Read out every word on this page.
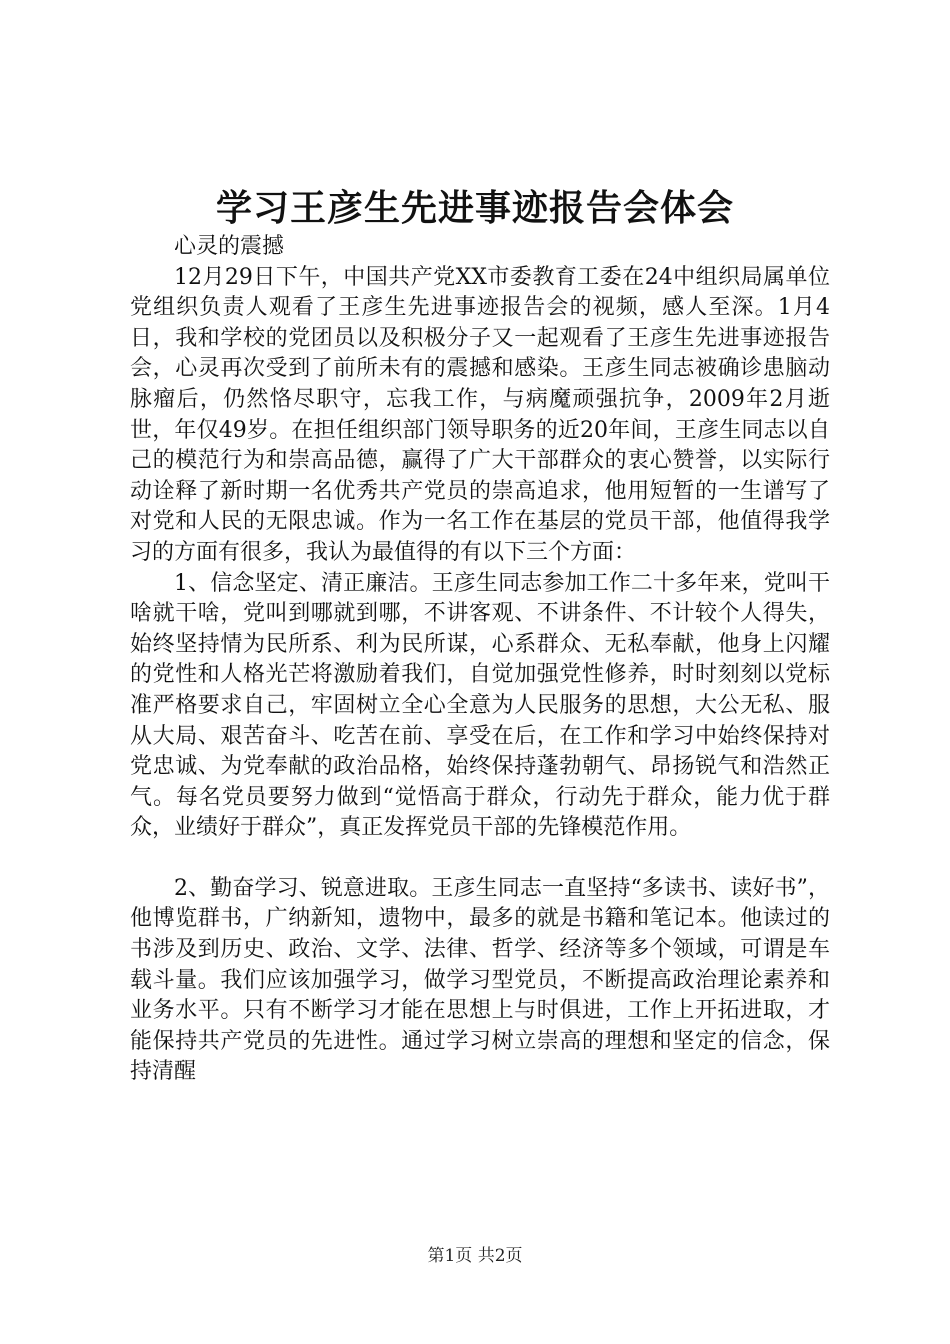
学习王彦生先进事迹报告会体会

心灵的震撼

12月29日下午，中国共产党XX市委教育工委在24中组织局属单位党组织负责人观看了王彦生先进事迹报告会的视频，感人至深。1月4日，我和学校的党团员以及积极分子又一起观看了王彦生先进事迹报告会，心灵再次受到了前所未有的震撼和感染。王彦生同志被确诊患脑动脉瘤后，仍然恪尽职守，忘我工作，与病魔顽强抗争，2009年2月逝世，年仅49岁。在担任组织部门领导职务的近20年间，王彦生同志以自己的模范行为和崇高品德，赢得了广大干部群众的衷心赞誉，以实际行动诠释了新时期一名优秀共产党员的崇高追求，他用短暂的一生谱写了对党和人民的无限忠诚。作为一名工作在基层的党员干部，他值得我学习的方面有很多，我认为最值得的有以下三个方面：

1、信念坚定、清正廉洁。王彦生同志参加工作二十多年来，党叫干啥就干啥，党叫到哪就到哪，不讲客观、不讲条件、不计较个人得失，始终坚持情为民所系、利为民所谋，心系群众、无私奉献，他身上闪耀的党性和人格光芒将激励着我们，自觉加强党性修养，时时刻刻以党标准严格要求自己，牢固树立全心全意为人民服务的思想，大公无私、服从大局、艰苦奋斗、吃苦在前、享受在后，在工作和学习中始终保持对党忠诚、为党奉献的政治品格，始终保持蓬勃朝气、昂扬锐气和浩然正气。每名党员要努力做到“觉悟高于群众，行动先于群众，能力优于群众，业绩好于群众”，真正发挥党员干部的先锋模范作用。

2、勤奋学习、锐意进取。王彦生同志一直坚持“多读书、读好书”，他博览群书，广纳新知，遗物中，最多的就是书籍和笔记本。他读过的书涉及到历史、政治、文学、法律、哲学、经济等多个领域，可谓是车载斗量。我们应该加强学习，做学习型党员，不断提高政治理论素养和业务水平。只有不断学习才能在思想上与时俱进，工作上开拓进取，才能保持共产党员的先进性。通过学习树立崇高的理想和坚定的信念，保持清醒

第1页 共2页
